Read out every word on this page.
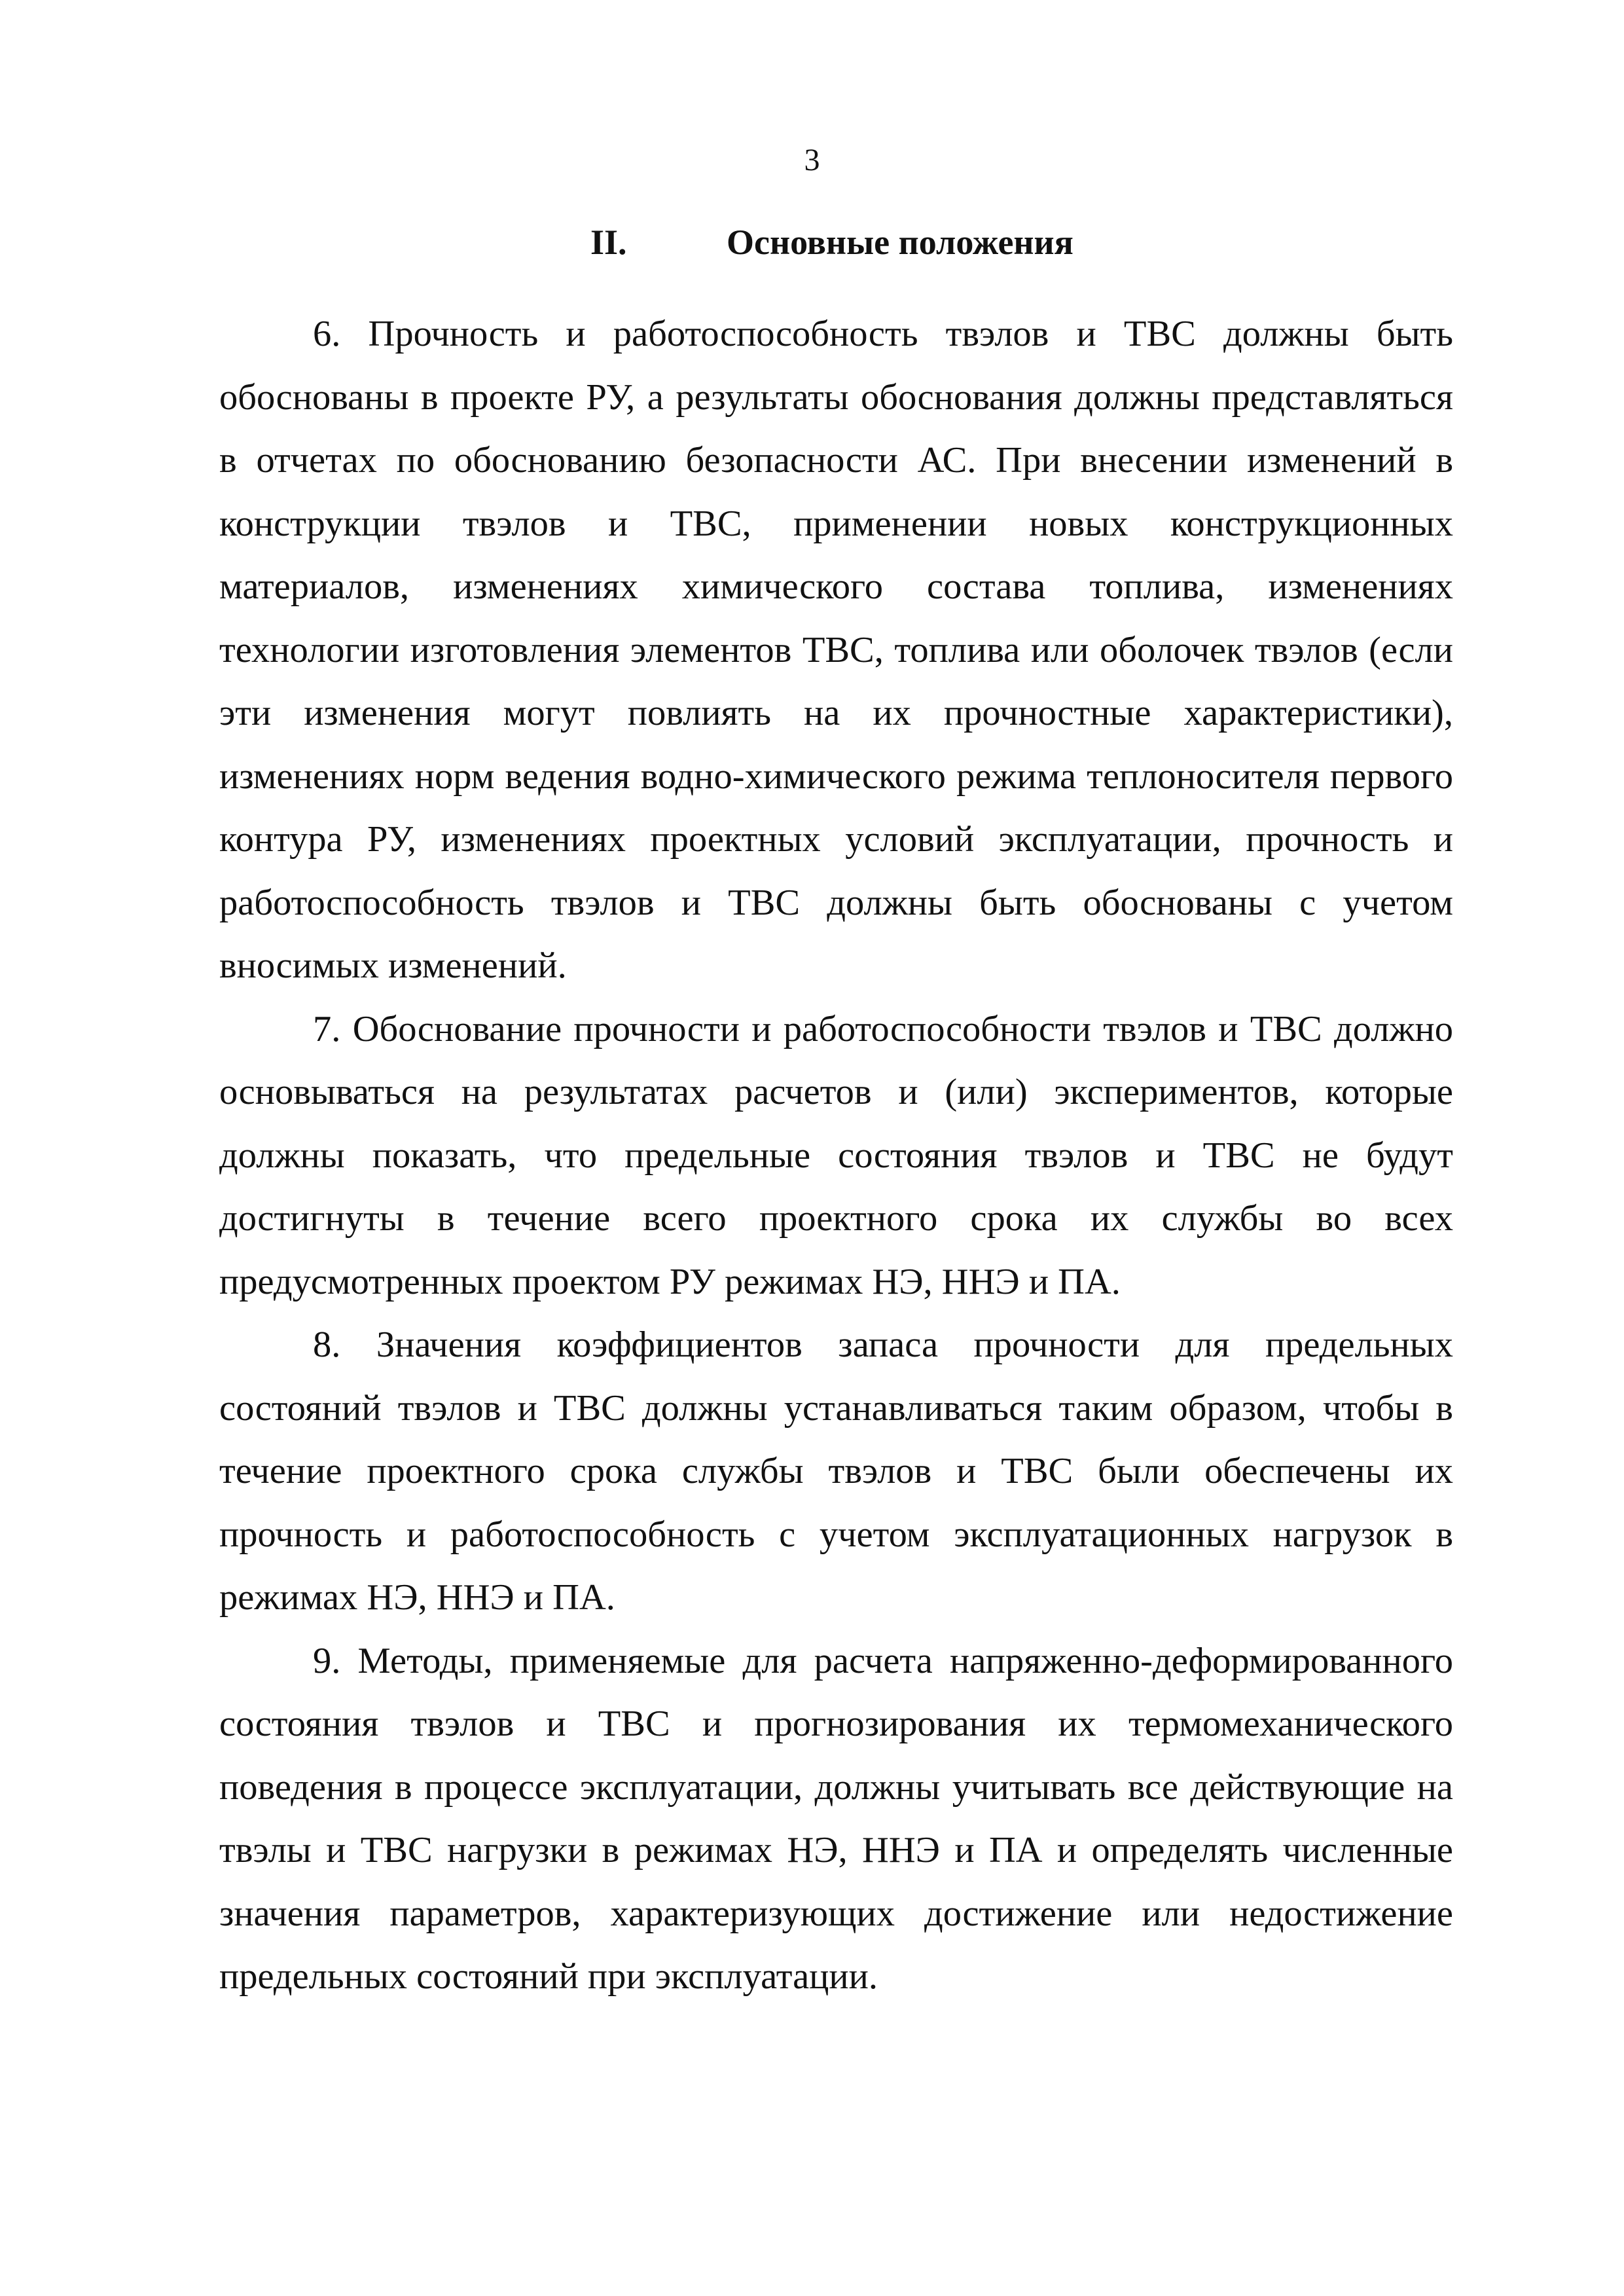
3
II.	Основные положения

6. Прочность и работоспособность твэлов и ТВС должны быть обоснованы в проекте РУ, а результаты обоснования должны представляться в отчетах по обоснованию безопасности АС. При внесении изменений в конструкции твэлов и ТВС, применении новых конструкционных материалов, изменениях химического состава топлива, изменениях технологии изготовления элементов ТВС, топлива или оболочек твэлов (если эти изменения могут повлиять на их прочностные характеристики), изменениях норм ведения водно-химического режима теплоносителя первого контура РУ, изменениях проектных условий эксплуатации, прочность и работоспособность твэлов и ТВС должны быть обоснованы с учетом вносимых изменений.

7. Обоснование прочности и работоспособности твэлов и ТВС должно основываться на результатах расчетов и (или) экспериментов, которые должны показать, что предельные состояния твэлов и ТВС не будут достигнуты в течение всего проектного срока их службы во всех предусмотренных проектом РУ режимах НЭ, ННЭ и ПА.

8. Значения коэффициентов запаса прочности для предельных состояний твэлов и ТВС должны устанавливаться таким образом, чтобы в течение проектного срока службы твэлов и ТВС были обеспечены их прочность и работоспособность с учетом эксплуатационных нагрузок в режимах НЭ, ННЭ и ПА.

9. Методы, применяемые для расчета напряженно-деформированного состояния твэлов и ТВС и прогнозирования их термомеханического поведения в процессе эксплуатации, должны учитывать все действующие на твэлы и ТВС нагрузки в режимах НЭ, ННЭ и ПА и определять численные значения параметров, характеризующих достижение или недостижение предельных состояний при эксплуатации.
